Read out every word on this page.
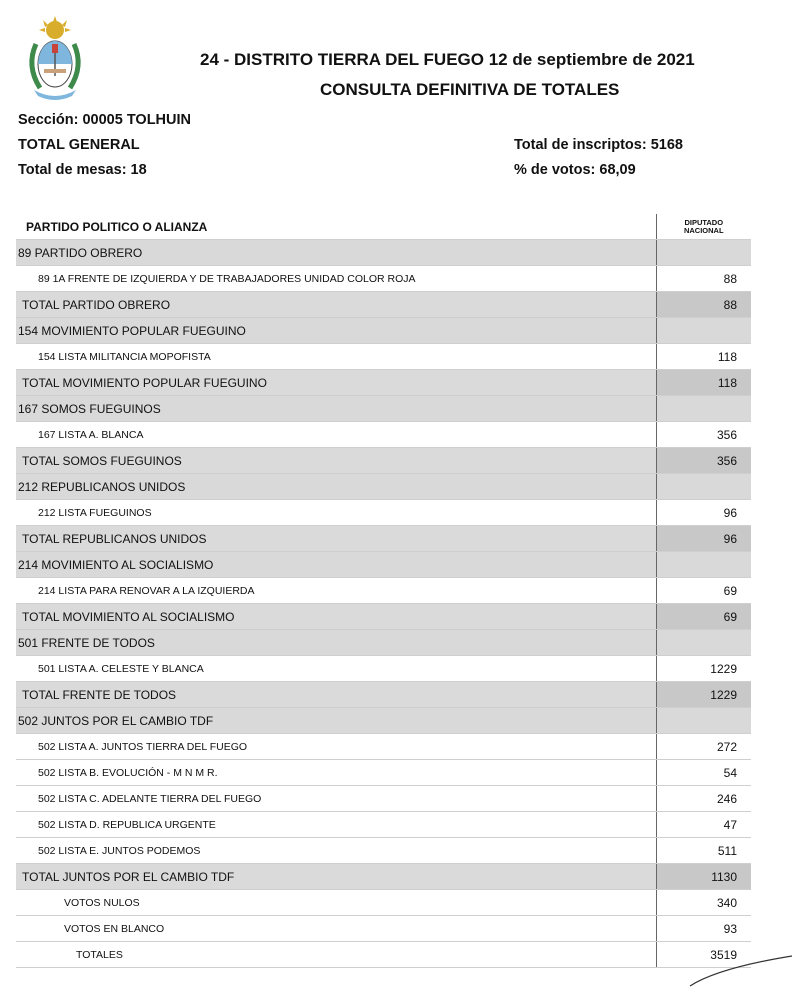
24 - DISTRITO TIERRA DEL FUEGO 12 de septiembre de 2021
CONSULTA DEFINITIVA DE TOTALES
Sección: 00005 TOLHUIN
TOTAL GENERAL
Total de mesas: 18
Total de inscriptos: 5168
% de votos: 68,09
PARTIDO POLITICO O ALIANZA	DIPUTADO
NACIONAL

89 PARTIDO OBRERO	
89 1A FRENTE DE IZQUIERDA Y DE TRABAJADORES UNIDAD COLOR ROJA	88
TOTAL PARTIDO OBRERO	88
154 MOVIMIENTO POPULAR FUEGUINO	
154 LISTA MILITANCIA MOPOFISTA	118
TOTAL MOVIMIENTO POPULAR FUEGUINO	118
167 SOMOS FUEGUINOS	
167 LISTA A. BLANCA	356
TOTAL SOMOS FUEGUINOS	356
212 REPUBLICANOS UNIDOS	
212 LISTA FUEGUINOS	96
TOTAL REPUBLICANOS UNIDOS	96
214 MOVIMIENTO AL SOCIALISMO	
214 LISTA PARA RENOVAR A LA IZQUIERDA	69
TOTAL MOVIMIENTO AL SOCIALISMO	69
501 FRENTE DE TODOS	
501 LISTA A. CELESTE Y BLANCA	1229
TOTAL FRENTE DE TODOS	1229
502 JUNTOS POR EL CAMBIO TDF	
502 LISTA A. JUNTOS TIERRA DEL FUEGO	272
502 LISTA B. EVOLUCIÓN - M N M R.	54
502 LISTA C. ADELANTE TIERRA DEL FUEGO	246
502 LISTA D. REPUBLICA URGENTE	47
502 LISTA E. JUNTOS PODEMOS	511
TOTAL JUNTOS POR EL CAMBIO TDF	1130
VOTOS NULOS	340
VOTOS EN BLANCO	93
TOTALES	3519
